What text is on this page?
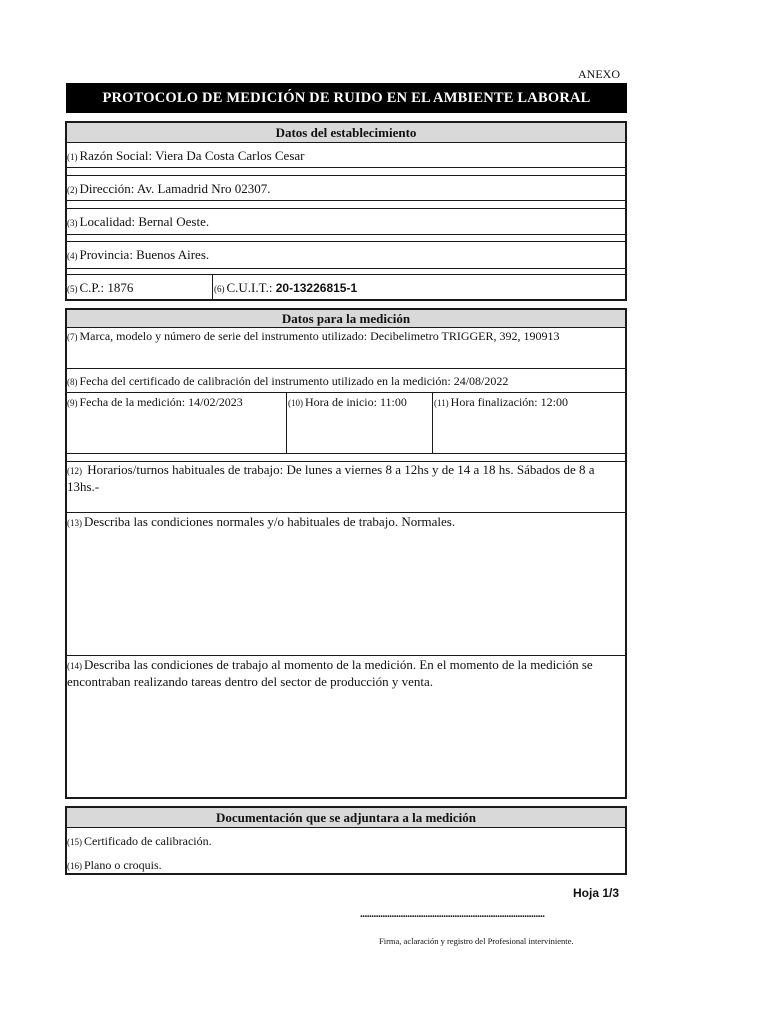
ANEXO
PROTOCOLO DE MEDICIÓN DE RUIDO EN EL AMBIENTE LABORAL
Datos del establecimiento
(1) Razón Social: Viera Da Costa Carlos Cesar
(2) Dirección: Av. Lamadrid Nro 02307.
(3) Localidad: Bernal Oeste.
(4) Provincia: Buenos Aires.
(5) C.P.: 1876	(6) C.U.I.T.: 20-13226815-1
Datos para la medición
(7) Marca, modelo y número de serie del instrumento utilizado: Decibelimetro TRIGGER, 392, 190913
(8) Fecha del certificado de calibración del instrumento utilizado en la medición: 24/08/2022
(9) Fecha de la medición: 14/02/2023	(10) Hora de inicio: 11:00	(11) Hora finalización: 12:00
(12) Horarios/turnos habituales de trabajo: De lunes a viernes 8 a 12hs y de 14 a 18 hs. Sábados de 8 a 13hs.-
(13) Describa las condiciones normales y/o habituales de trabajo. Normales.
(14) Describa las condiciones de trabajo al momento de la medición. En el momento de la medición se encontraban realizando tareas dentro del sector de producción y venta.
Documentación que se adjuntara a la medición
(15) Certificado de calibración.
(16) Plano o croquis.
Hoja 1/3
..................................................................................
Firma, aclaración y registro del Profesional interviniente.
